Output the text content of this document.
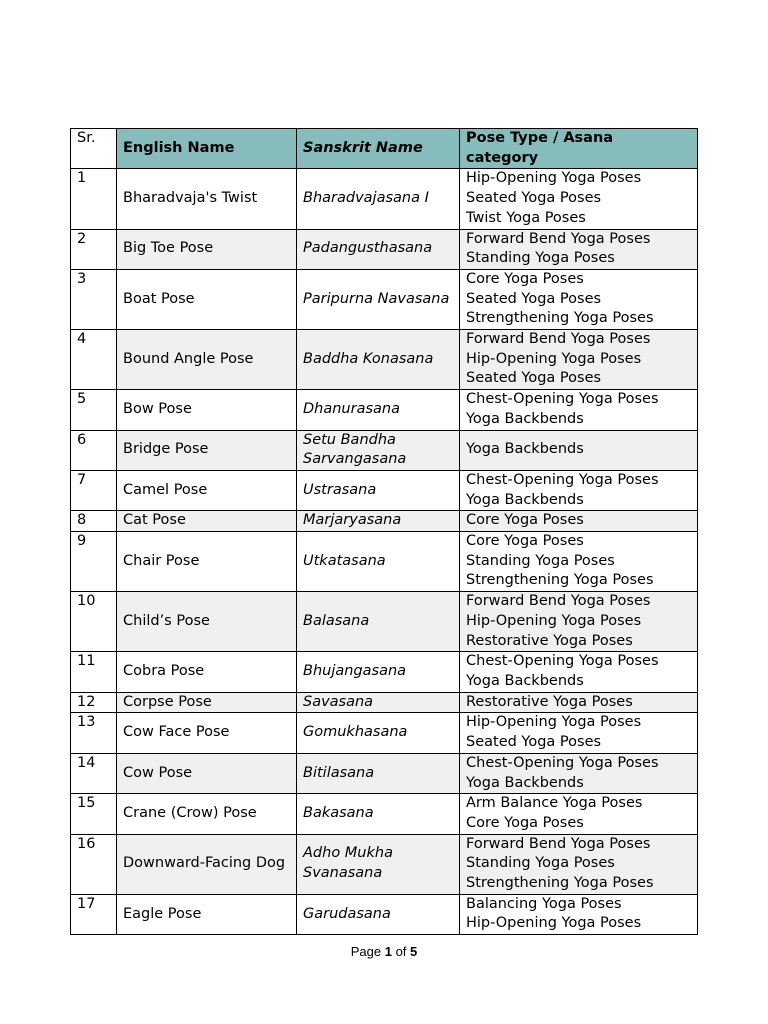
Sr.	English Name	Sanskrit Name	Pose Type / Asana
category

1	Bharadvaja's Twist	Bharadvajasana I	Hip-Opening Yoga Poses
Seated Yoga Poses
Twist Yoga Poses

2	Big Toe Pose	Padangusthasana	Forward Bend Yoga Poses
Standing Yoga Poses

3	Boat Pose	Paripurna Navasana	Core Yoga Poses
Seated Yoga Poses
Strengthening Yoga Poses

4	Bound Angle Pose	Baddha Konasana	Forward Bend Yoga Poses
Hip-Opening Yoga Poses
Seated Yoga Poses

5	Bow Pose	Dhanurasana	Chest-Opening Yoga Poses
Yoga Backbends

6	Bridge Pose	Setu Bandha Sarvangasana	Yoga Backbends

7	Camel Pose	Ustrasana	Chest-Opening Yoga Poses
Yoga Backbends

8	Cat Pose	Marjaryasana	Core Yoga Poses

9	Chair Pose	Utkatasana	Core Yoga Poses
Standing Yoga Poses
Strengthening Yoga Poses

10	Child’s Pose	Balasana	Forward Bend Yoga Poses
Hip-Opening Yoga Poses
Restorative Yoga Poses

11	Cobra Pose	Bhujangasana	Chest-Opening Yoga Poses
Yoga Backbends

12	Corpse Pose	Savasana	Restorative Yoga Poses

13	Cow Face Pose	Gomukhasana	Hip-Opening Yoga Poses
Seated Yoga Poses

14	Cow Pose	Bitilasana	Chest-Opening Yoga Poses
Yoga Backbends

15	Crane (Crow) Pose	Bakasana	Arm Balance Yoga Poses
Core Yoga Poses

16	Downward-Facing Dog	Adho Mukha Svanasana	Forward Bend Yoga Poses
Standing Yoga Poses
Strengthening Yoga Poses

17	Eagle Pose	Garudasana	Balancing Yoga Poses
Hip-Opening Yoga Poses
Page 1 of 5
